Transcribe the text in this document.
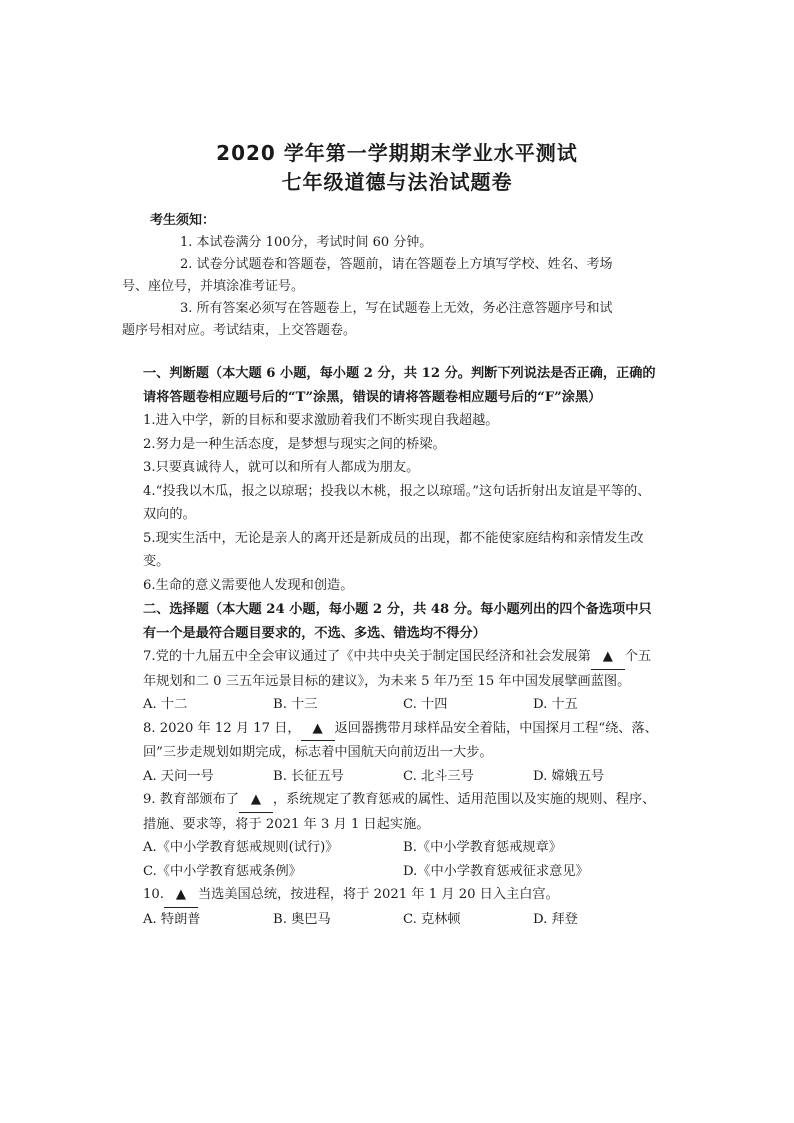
2020 学年第一学期期末学业水平测试
七年级道德与法治试题卷
考生须知：
1. 本试卷满分 100分，考试时间 60 分钟。
2. 试卷分试题卷和答题卷，答题前，请在答题卷上方填写学校、姓名、考场
号、座位号，并填涂准考证号。
3. 所有答案必须写在答题卷上，写在试题卷上无效，务必注意答题序号和试
题序号相对应。考试结束，上交答题卷。
一、判断题（本大题 6 小题，每小题 2 分，共 12 分。判断下列说法是否正确，正确的请将答题卷相应题号后的“T”涂黑，错误的请将答题卷相应题号后的“F”涂黑）
1.进入中学，新的目标和要求激励着我们不断实现自我超越。
2.努力是一种生活态度，是梦想与现实之间的桥梁。
3.只要真诚待人，就可以和所有人都成为朋友。
4.“投我以木瓜，报之以琼琚；投我以木桃，报之以琼瑶。”这句话折射出友谊是平等的、双向的。
5.现实生活中，无论是亲人的离开还是新成员的出现，都不能使家庭结构和亲情发生改变。
6.生命的意义需要他人发现和创造。
二、选择题（本大题 24 小题，每小题 2 分，共 48 分。每小题列出的四个备选项中只有一个是最符合题目要求的，不选、多选、错选均不得分）
7.党的十九届五中全会审议通过了《中共中央关于制定国民经济和社会发展第 ▲ 个五年规划和二 0 三五年远景目标的建议》，为未来 5 年乃至 15 年中国发展擘画蓝图。
A. 十二	B. 十三	C. 十四	D. 十五
8. 2020 年 12 月 17 日， ▲ 返回器携带月球样品安全着陆，中国探月工程“绕、落、回”三步走规划如期完成，标志着中国航天向前迈出一大步。
A. 天问一号	B. 长征五号	C. 北斗三号	D. 嫦娥五号
9. 教育部颁布了 ▲ ，系统规定了教育惩戒的属性、适用范围以及实施的规则、程序、措施、要求等，将于 2021 年 3 月 1 日起实施。
A.《中小学教育惩戒规则(试行)》	B.《中小学教育惩戒规章》
C.《中小学教育惩戒条例》	D.《中小学教育惩戒征求意见》
10. ▲ 当选美国总统，按进程，将于 2021 年 1 月 20 日入主白宫。
A. 特朗普	B. 奥巴马	C. 克林顿	D. 拜登
